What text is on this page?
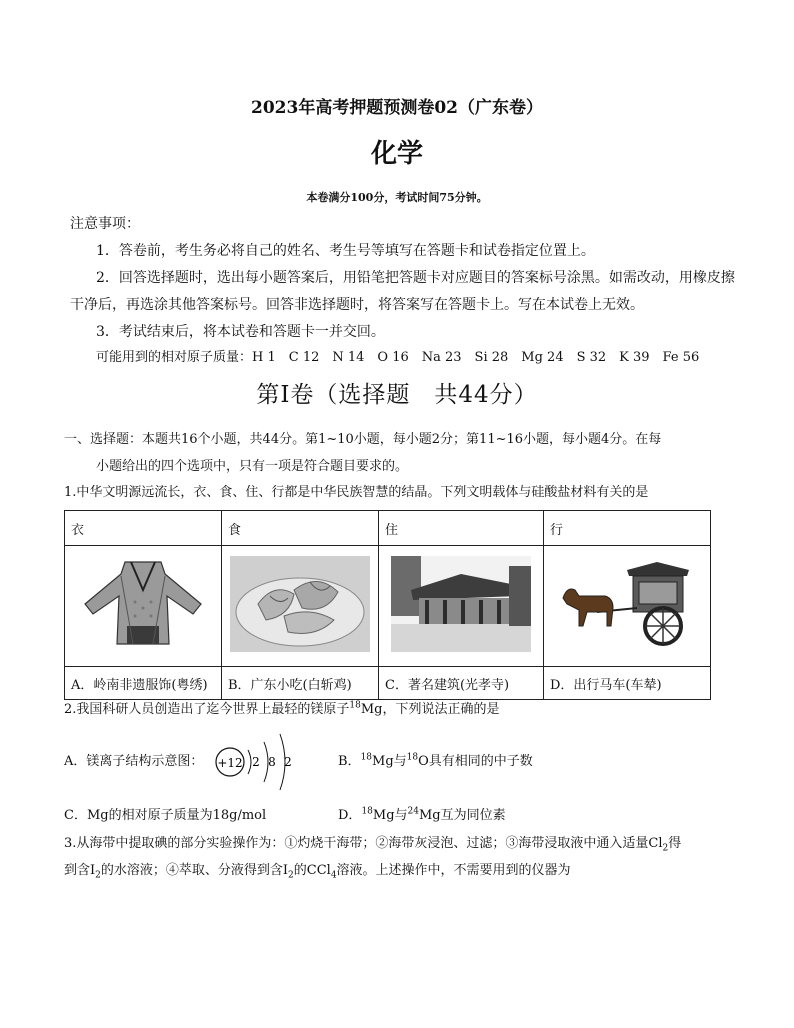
2023年高考押题预测卷02（广东卷）
化学
本卷满分100分，考试时间75分钟。
注意事项：
1．答卷前，考生务必将自己的姓名、考生号等填写在答题卡和试卷指定位置上。
2．回答选择题时，选出每小题答案后，用铅笔把答题卡对应题目的答案标号涂黑。如需改动，用橡皮擦
干净后，再选涂其他答案标号。回答非选择题时，将答案写在答题卡上。写在本试卷上无效。
3．考试结束后，将本试卷和答题卡一并交回。
可能用到的相对原子质量：H 1　C 12　N 14　O 16　Na 23　Si 28　Mg 24　S 32　K 39　Fe 56
第Ⅰ卷（选择题　共44分）
一、选择题：本题共16个小题，共44分。第1~10小题，每小题2分；第11~16小题，每小题4分。在每
小题给出的四个选项中，只有一项是符合题目要求的。
1.中华文明源远流长，衣、食、住、行都是中华民族智慧的结晶。下列文明载体与硅酸盐材料有关的是
衣	食	住	行

A．岭南非遗服饰(粤绣)	B．广东小吃(白斩鸡)	C．著名建筑(光孝寺)	D．出行马车(车辇)
2.我国科研人员创造出了迄今世界上最轻的镁原子$^{18}$Mg，下列说法正确的是
A．镁离子结构示意图： +12 2 8 2	B．$^{18}$Mg与$^{18}$O具有相同的中子数
C．Mg的相对原子质量为18g/mol	D．$^{18}$Mg与$^{24}$Mg互为同位素
3.从海带中提取碘的部分实验操作为：①灼烧干海带；②海带灰浸泡、过滤；③海带浸取液中通入适量$Cl_2$得
到含$I_2$的水溶液；④萃取、分液得到含$I_2$的CCl$_4$溶液。上述操作中，不需要用到的仪器为
